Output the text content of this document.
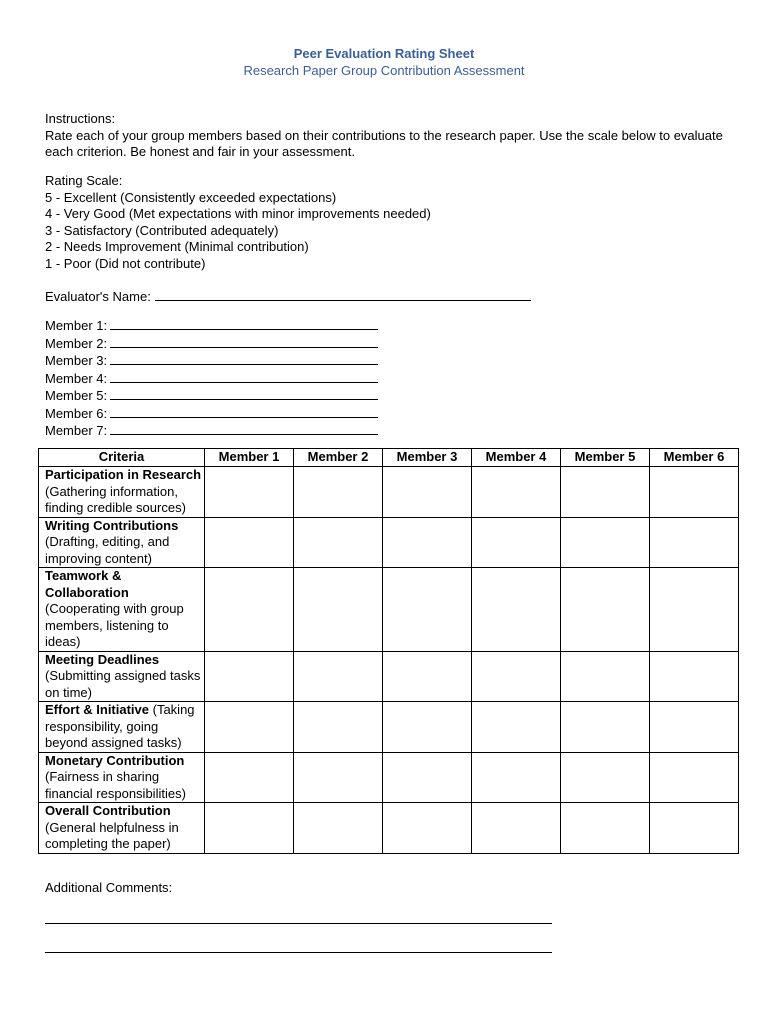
Peer Evaluation Rating Sheet
Research Paper Group Contribution Assessment
Instructions:
Rate each of your group members based on their contributions to the research paper. Use the scale below to evaluate each criterion. Be honest and fair in your assessment.
Rating Scale:
5 - Excellent (Consistently exceeded expectations)
4 - Very Good (Met expectations with minor improvements needed)
3 - Satisfactory (Contributed adequately)
2 - Needs Improvement (Minimal contribution)
1 - Poor (Did not contribute)
Evaluator's Name:
Member 1:
Member 2:
Member 3:
Member 4:
Member 5:
Member 6:
Member 7:
Criteria	Member 1	Member 2	Member 3	Member 4	Member 5	Member 6
Participation in Research (Gathering information, finding credible sources)						
Writing Contributions (Drafting, editing, and improving content)						
Teamwork & Collaboration (Cooperating with group members, listening to ideas)						
Meeting Deadlines (Submitting assigned tasks on time)						
Effort & Initiative (Taking responsibility, going beyond assigned tasks)						
Monetary Contribution (Fairness in sharing financial responsibilities)						
Overall Contribution (General helpfulness in completing the paper)						
Additional Comments:
